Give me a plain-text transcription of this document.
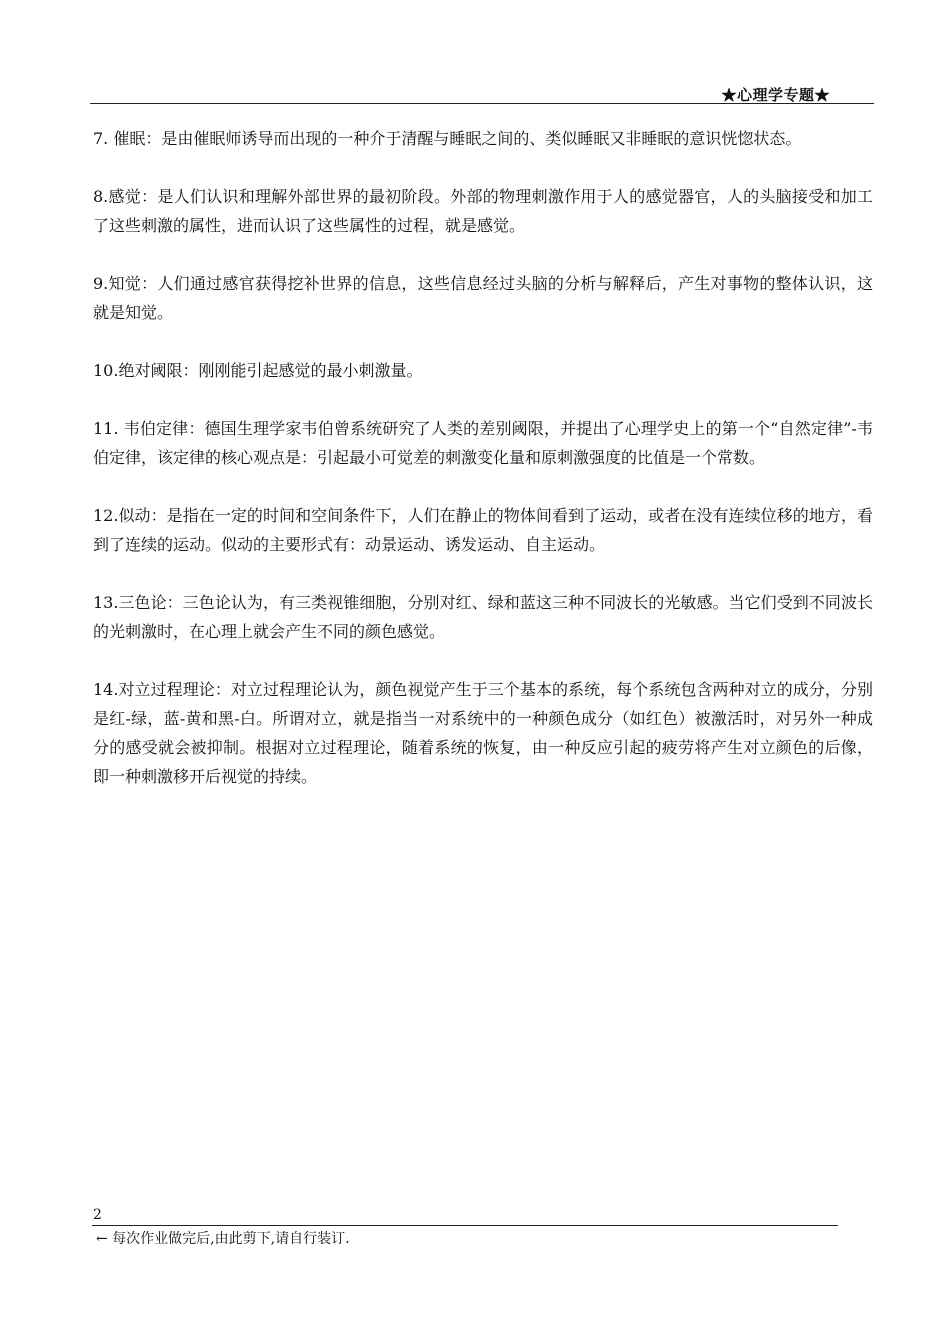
★心理学专题★

7. 催眠：是由催眠师诱导而出现的一种介于清醒与睡眠之间的、类似睡眠又非睡眠的意识恍惚状态。

8.感觉：是人们认识和理解外部世界的最初阶段。外部的物理刺激作用于人的感觉器官，人的头脑接受和加工了这些刺激的属性，进而认识了这些属性的过程，就是感觉。

9.知觉：人们通过感官获得挖补世界的信息，这些信息经过头脑的分析与解释后，产生对事物的整体认识，这就是知觉。

10.绝对阈限：刚刚能引起感觉的最小刺激量。

11. 韦伯定律：德国生理学家韦伯曾系统研究了人类的差别阈限，并提出了心理学史上的第一个“自然定律”-韦伯定律，该定律的核心观点是：引起最小可觉差的刺激变化量和原刺激强度的比值是一个常数。

12.似动：是指在一定的时间和空间条件下，人们在静止的物体间看到了运动，或者在没有连续位移的地方，看到了连续的运动。似动的主要形式有：动景运动、诱发运动、自主运动。

13.三色论：三色论认为，有三类视锥细胞，分别对红、绿和蓝这三种不同波长的光敏感。当它们受到不同波长的光刺激时，在心理上就会产生不同的颜色感觉。

14.对立过程理论：对立过程理论认为，颜色视觉产生于三个基本的系统，每个系统包含两种对立的成分，分别是红-绿，蓝-黄和黑-白。所谓对立，就是指当一对系统中的一种颜色成分（如红色）被激活时，对另外一种成分的感受就会被抑制。根据对立过程理论，随着系统的恢复，由一种反应引起的疲劳将产生对立颜色的后像，即一种刺激移开后视觉的持续。

2
← 每次作业做完后,由此剪下,请自行装订.
